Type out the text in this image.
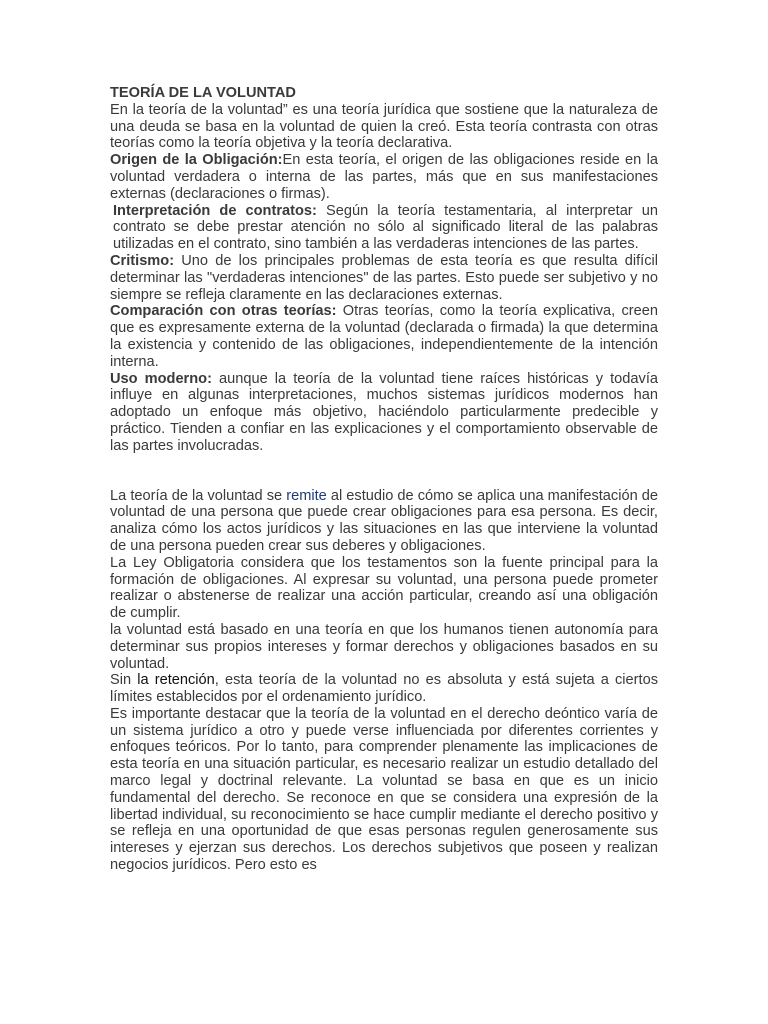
TEORÍA DE LA VOLUNTAD

En la teoría de la voluntad” es una teoría jurídica que sostiene que la naturaleza de una deuda se basa en la voluntad de quien la creó. Esta teoría contrasta con otras teorías como la teoría objetiva y la teoría declarativa.

Origen de la Obligación:En esta teoría, el origen de las obligaciones reside en la voluntad verdadera o interna de las partes, más que en sus manifestaciones externas (declaraciones o firmas).

Interpretación de contratos: Según la teoría testamentaria, al interpretar un contrato se debe prestar atención no sólo al significado literal de las palabras utilizadas en el contrato, sino también a las verdaderas intenciones de las partes.

Critismo: Uno de los principales problemas de esta teoría es que resulta difícil determinar las "verdaderas intenciones" de las partes. Esto puede ser subjetivo y no siempre se refleja claramente en las declaraciones externas.

Comparación con otras teorías: Otras teorías, como la teoría explicativa, creen que es expresamente externa de la voluntad (declarada o firmada) la que determina la existencia y contenido de las obligaciones, independientemente de la intención interna.

Uso moderno: aunque la teoría de la voluntad tiene raíces históricas y todavía influye en algunas interpretaciones, muchos sistemas jurídicos modernos han adoptado un enfoque más objetivo, haciéndolo particularmente predecible y práctico. Tienden a confiar en las explicaciones y el comportamiento observable de las partes involucradas.

La teoría de la voluntad se remite al estudio de cómo se aplica una manifestación de voluntad de una persona que puede crear obligaciones para esa persona. Es decir, analiza cómo los actos jurídicos y las situaciones en las que interviene la voluntad de una persona pueden crear sus deberes y obligaciones.

La Ley Obligatoria considera que los testamentos son la fuente principal para la formación de obligaciones. Al expresar su voluntad, una persona puede prometer realizar o abstenerse de realizar una acción particular, creando así una obligación de cumplir.

la voluntad está basado en una teoría en que los humanos tienen autonomía para determinar sus propios intereses y formar derechos y obligaciones basados en su voluntad.

Sin la retención, esta teoría de la voluntad no es absoluta y está sujeta a ciertos límites establecidos por el ordenamiento jurídico.

Es importante destacar que la teoría de la voluntad en el derecho deóntico varía de un sistema jurídico a otro y puede verse influenciada por diferentes corrientes y enfoques teóricos. Por lo tanto, para comprender plenamente las implicaciones de esta teoría en una situación particular, es necesario realizar un estudio detallado del marco legal y doctrinal relevante. La voluntad se basa en que es un inicio fundamental del derecho. Se reconoce en que se considera una expresión de la libertad individual, su reconocimiento se hace cumplir mediante el derecho positivo y se refleja en una oportunidad de que esas personas regulen generosamente sus intereses y ejerzan sus derechos. Los derechos subjetivos que poseen y realizan negocios jurídicos. Pero esto es
